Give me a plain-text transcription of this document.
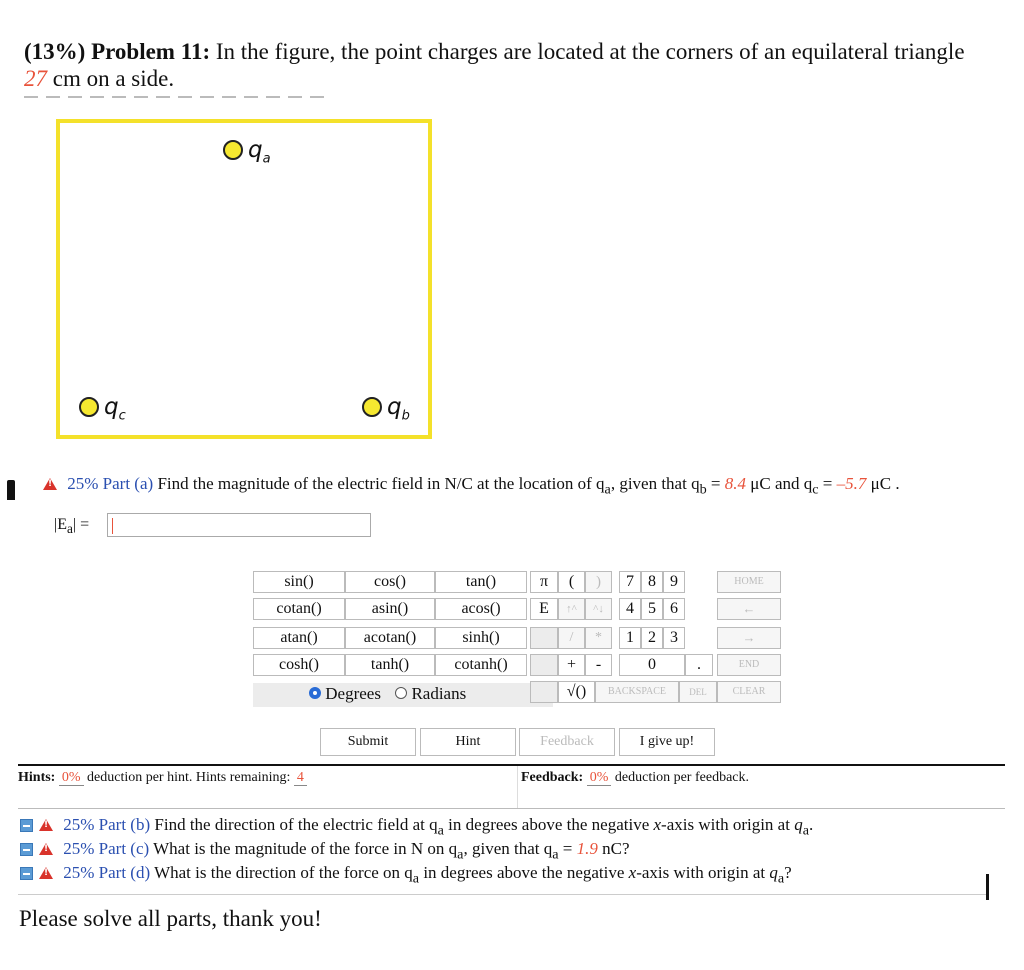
(13%) Problem 11: In the figure, the point charges are located at the corners of an equilateral triangle 27 cm on a side.
$q_a$
$q_c$	$q_b$
! 25% Part (a) Find the magnitude of the electric field in N/C at the location of $q_a$, given that $q_b = 8.4$ μC and $q_c = -5.7$ μC .
$|E_a|$ =
sin()	cos()	tan()
cotan()	asin()	acos()
atan()	acotan()	sinh()
cosh()	tanh()	cotanh()
Degrees Radians
π
E
(	)
↑^	^↓
/	*
+	-
√()	BACKSPACE	DEL	CLEAR
7 8 9
4 5 6
1 2 3
0	.
HOME
←
→
END
Submit	Hint	Feedback	I give up!
Hints: 0% deduction per hint. Hints remaining: 4	Feedback: 0% deduction per feedback.
! 25% Part (b) Find the direction of the electric field at $q_a$ in degrees above the negative x-axis with origin at $q_a$.
! 25% Part (c) What is the magnitude of the force in N on $q_a$, given that $q_a = 1.9$ nC?
! 25% Part (d) What is the direction of the force on $q_a$ in degrees above the negative x-axis with origin at $q_a$?
Please solve all parts, thank you!
